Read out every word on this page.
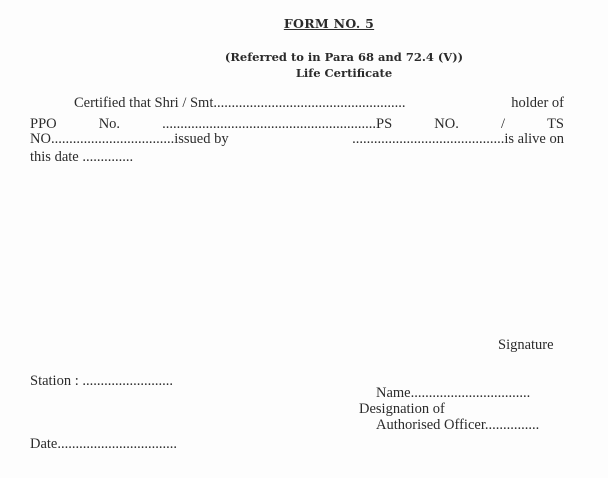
FORM NO. 5
(Referred to in Para 68 and 72.4 (V))
Life Certificate
Certified that Shri / Smt.....................................................	holder of
PPO	No.	...........................................................PS	NO.	/	TS
NO..................................issued by	..........................................is alive on
this date ..............
Signature
Station : .........................
Name.................................
Designation of
Authorised Officer...............
Date.................................
